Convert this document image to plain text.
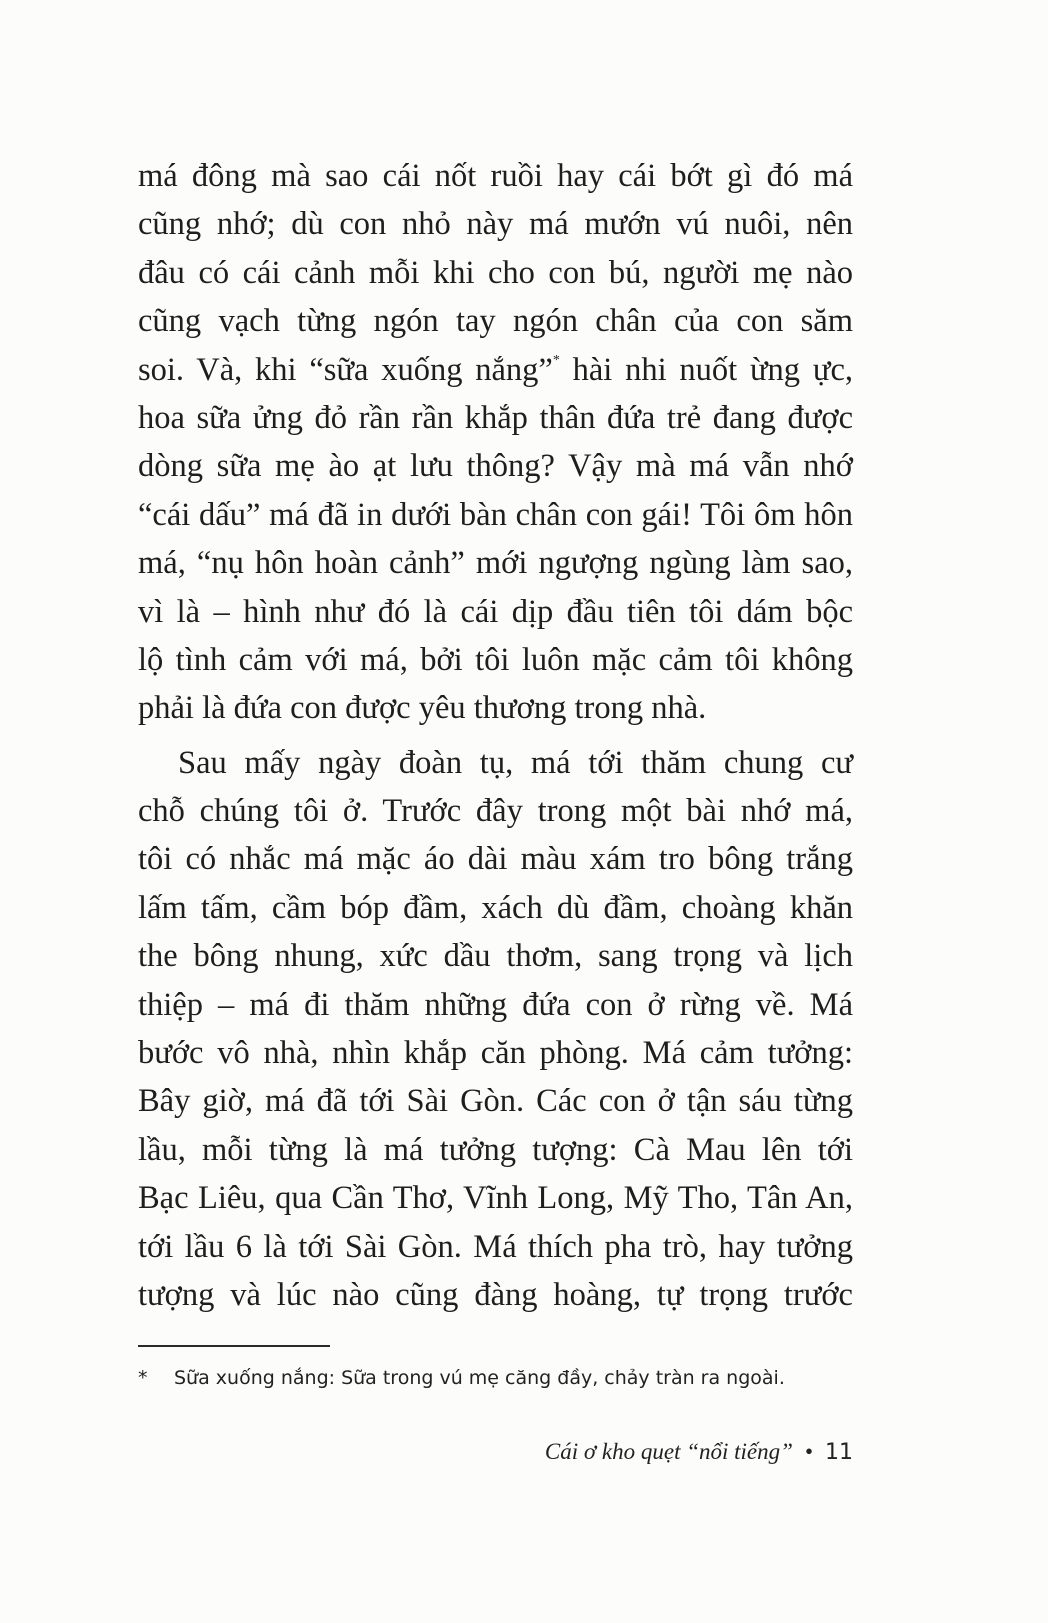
má đông mà sao cái nốt ruồi hay cái bớt gì đó má
cũng nhớ; dù con nhỏ này má mướn vú nuôi, nên
đâu có cái cảnh mỗi khi cho con bú, người mẹ nào
cũng vạch từng ngón tay ngón chân của con săm
soi. Và, khi “sữa xuống nắng”* hài nhi nuốt ừng ực,
hoa sữa ửng đỏ rần rần khắp thân đứa trẻ đang được
dòng sữa mẹ ào ạt lưu thông? Vậy mà má vẫn nhớ
“cái dấu” má đã in dưới bàn chân con gái! Tôi ôm hôn
má, “nụ hôn hoàn cảnh” mới ngượng ngùng làm sao,
vì là – hình như đó là cái dịp đầu tiên tôi dám bộc
lộ tình cảm với má, bởi tôi luôn mặc cảm tôi không
phải là đứa con được yêu thương trong nhà.
Sau mấy ngày đoàn tụ, má tới thăm chung cư
chỗ chúng tôi ở. Trước đây trong một bài nhớ má,
tôi có nhắc má mặc áo dài màu xám tro bông trắng
lấm tấm, cầm bóp đầm, xách dù đầm, choàng khăn
the bông nhung, xức dầu thơm, sang trọng và lịch
thiệp – má đi thăm những đứa con ở rừng về. Má
bước vô nhà, nhìn khắp căn phòng. Má cảm tưởng:
Bây giờ, má đã tới Sài Gòn. Các con ở tận sáu từng
lầu, mỗi từng là má tưởng tượng: Cà Mau lên tới
Bạc Liêu, qua Cần Thơ, Vĩnh Long, Mỹ Tho, Tân An,
tới lầu 6 là tới Sài Gòn. Má thích pha trò, hay tưởng
tượng và lúc nào cũng đàng hoàng, tự trọng trước
* Sữa xuống nắng: Sữa trong vú mẹ căng đầy, chảy tràn ra ngoài.
Cái ơ kho quẹt “nổi tiếng” • 11
